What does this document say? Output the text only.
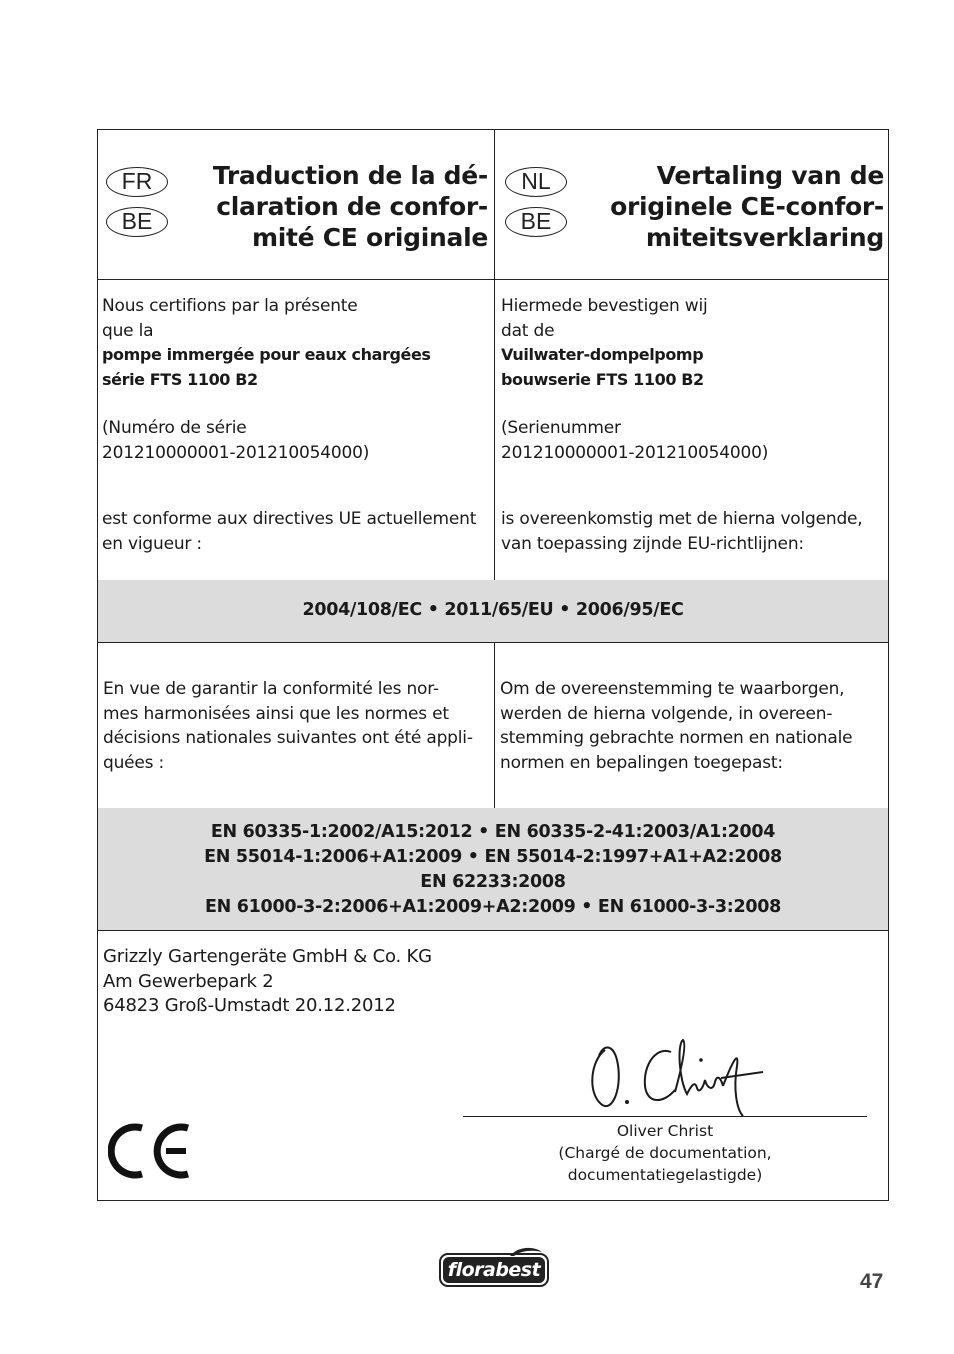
FR
BE
Traduction de la dé-
claration de confor-
mité CE originale
NL
BE
Vertaling van de
originele CE-confor-
miteitsverklaring
Nous certifions par la présente
que la
pompe immergée pour eaux chargées
série FTS 1100 B2
(Numéro de série
201210000001-201210054000)
est conforme aux directives UE actuellement
en vigueur :
Hiermede bevestigen wij
dat de
Vuilwater-dompelpomp
bouwserie FTS 1100 B2
(Serienummer
201210000001-201210054000)
is overeenkomstig met de hierna volgende,
van toepassing zijnde EU-richtlijnen:
2004/108/EC • 2011/65/EU • 2006/95/EC
En vue de garantir la conformité les nor-
mes harmonisées ainsi que les normes et
décisions nationales suivantes ont été appli-
quées :
Om de overeenstemming te waarborgen,
werden de hierna volgende, in overeen-
stemming gebrachte normen en nationale
normen en bepalingen toegepast:
EN 60335-1:2002/A15:2012 • EN 60335-2-41:2003/A1:2004
EN 55014-1:2006+A1:2009 • EN 55014-2:1997+A1+A2:2008
EN 62233:2008
EN 61000-3-2:2006+A1:2009+A2:2009 • EN 61000-3-3:2008
Grizzly Gartengeräte GmbH & Co. KG
Am Gewerbepark 2
64823 Groß-Umstadt 20.12.2012
Oliver Christ
(Chargé de documentation,
documentatiegelastigde)
florabest	47
